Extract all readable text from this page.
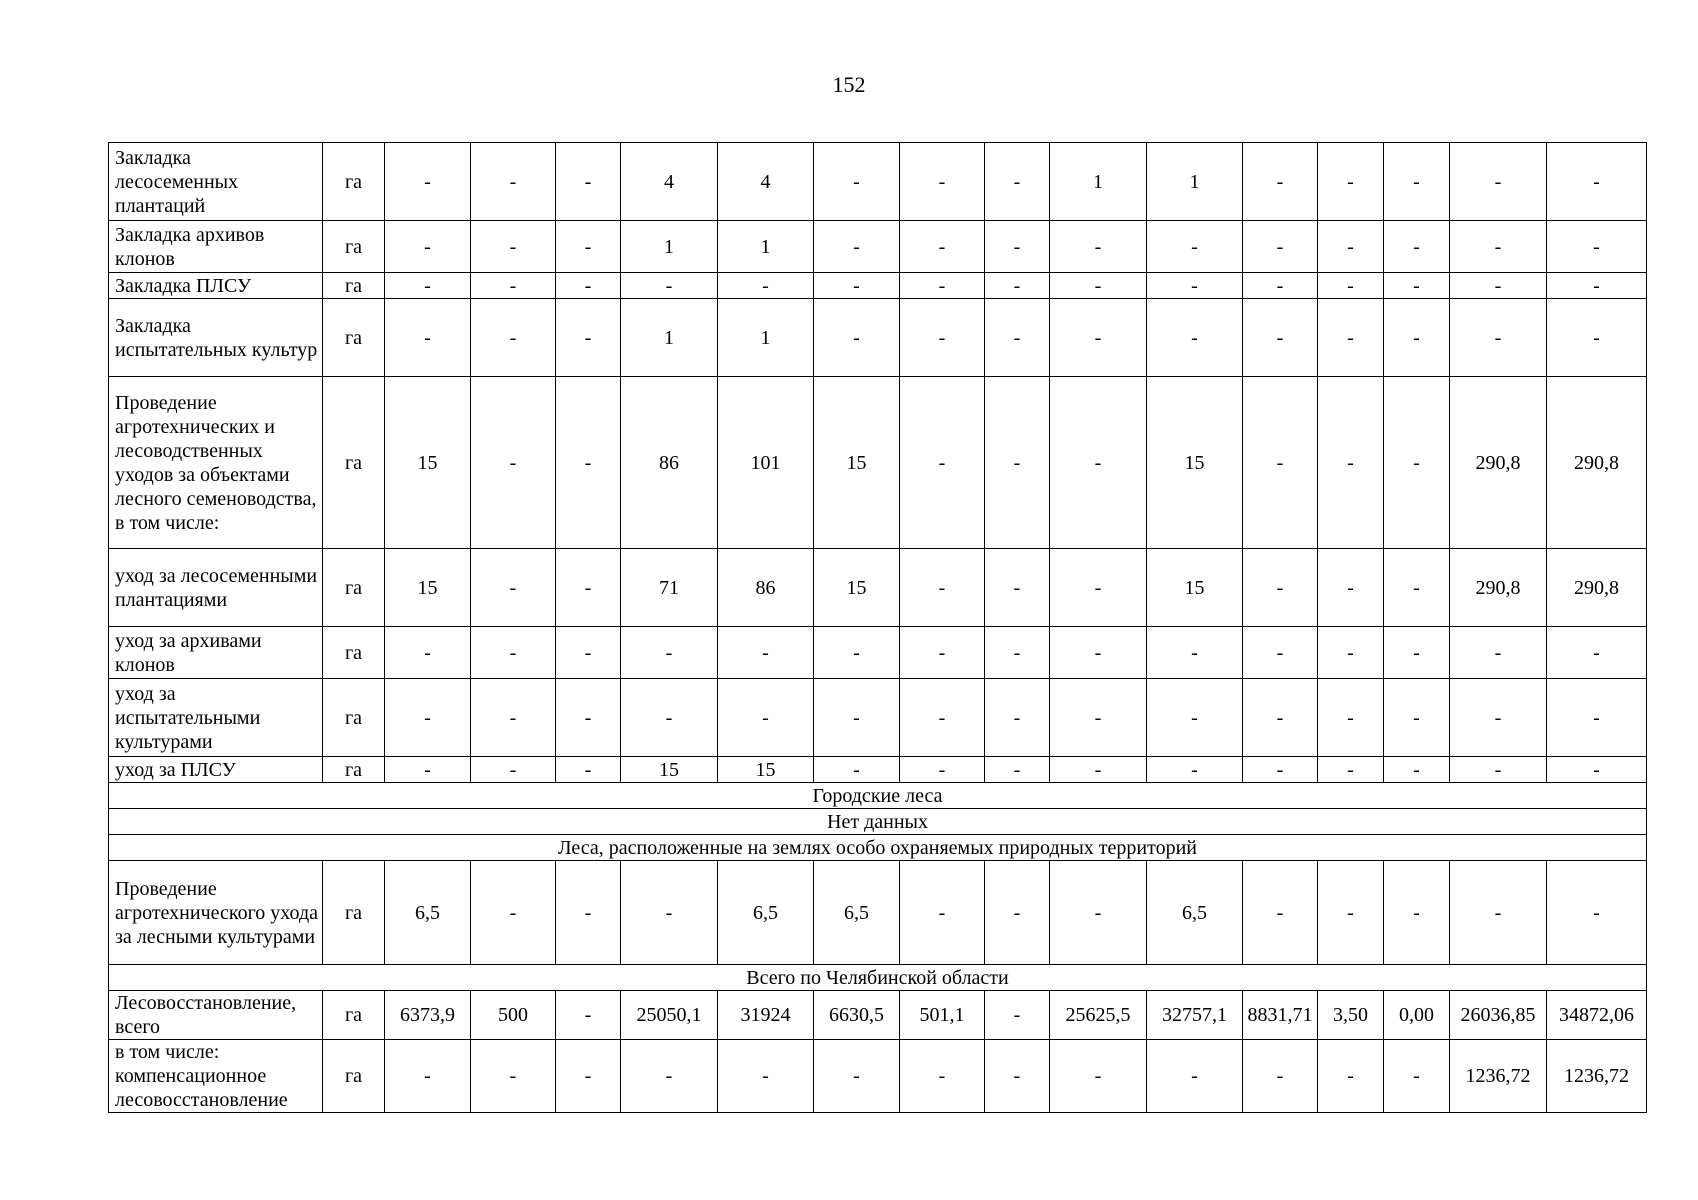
152
Закладка лесосеменных плантаций	га	-	-	-	4	4	-	-	-	1	1	-	-	-	-	-
Закладка архивов клонов	га	-	-	-	1	1	-	-	-	-	-	-	-	-	-	-
Закладка ПЛСУ	га	-	-	-	-	-	-	-	-	-	-	-	-	-	-	-
Закладка испытательных культур	га	-	-	-	1	1	-	-	-	-	-	-	-	-	-	-
Проведение агротехнических и лесоводственных уходов за объектами лесного семеноводства, в том числе:	га	15	-	-	86	101	15	-	-	-	15	-	-	-	290,8	290,8
уход за лесосеменными плантациями	га	15	-	-	71	86	15	-	-	-	15	-	-	-	290,8	290,8
уход за архивами клонов	га	-	-	-	-	-	-	-	-	-	-	-	-	-	-	-
уход за испытательными культурами	га	-	-	-	-	-	-	-	-	-	-	-	-	-	-	-
уход за ПЛСУ	га	-	-	-	15	15	-	-	-	-	-	-	-	-	-	-
Городские леса																
Нет данных																
Леса, расположенные на землях особо охраняемых природных территорий																
Проведение агротехнического ухода за лесными культурами	га	6,5	-	-	-	6,5	6,5	-	-	-	6,5	-	-	-	-	-
Всего по Челябинской области																
Лесовосстановление, всего	га	6373,9	500	-	25050,1	31924	6630,5	501,1	-	25625,5	32757,1	8831,71	3,50	0,00	26036,85	34872,06
в том числе: компенсационное лесовосстановление	га	-	-	-	-	-	-	-	-	-	-	-	-	-	1236,72	1236,72
